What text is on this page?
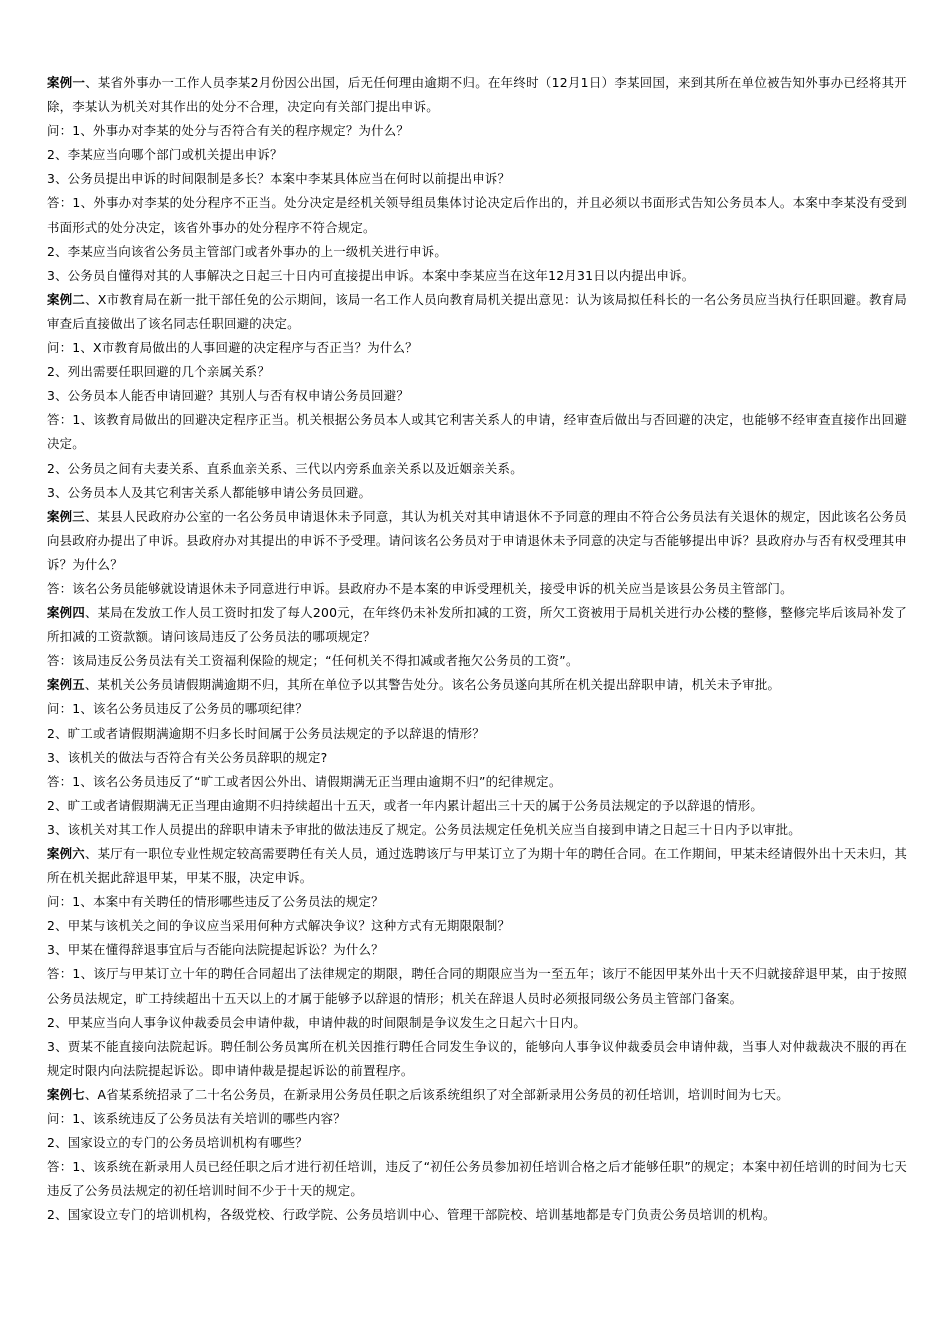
案例一、某省外事办一工作人员李某2月份因公出国，后无任何理由逾期不归。在年终时（12月1日）李某回国，来到其所在单位被告知外事办已经将其开除，李某认为机关对其作出的处分不合理，决定向有关部门提出申诉。

问：1、外事办对李某的处分与否符合有关的程序规定？为什么？

2、李某应当向哪个部门或机关提出申诉？

3、公务员提出申诉的时间限制是多长？本案中李某具体应当在何时以前提出申诉？

答：1、外事办对李某的处分程序不正当。处分决定是经机关领导组员集体讨论决定后作出的，并且必须以书面形式告知公务员本人。本案中李某没有受到书面形式的处分决定，该省外事办的处分程序不符合规定。

2、李某应当向该省公务员主管部门或者外事办的上一级机关进行申诉。

3、公务员自懂得对其的人事解决之日起三十日内可直接提出申诉。本案中李某应当在这年12月31日以内提出申诉。

案例二、X市教育局在新一批干部任免的公示期间，该局一名工作人员向教育局机关提出意见：认为该局拟任科长的一名公务员应当执行任职回避。教育局审查后直接做出了该名同志任职回避的决定。

问：1、X市教育局做出的人事回避的决定程序与否正当？为什么？

2、列出需要任职回避的几个亲属关系？

3、公务员本人能否申请回避？其别人与否有权申请公务员回避？

答：1、该教育局做出的回避决定程序正当。机关根据公务员本人或其它利害关系人的申请，经审查后做出与否回避的决定，也能够不经审查直接作出回避决定。

2、公务员之间有夫妻关系、直系血亲关系、三代以内旁系血亲关系以及近姻亲关系。

3、公务员本人及其它利害关系人都能够申请公务员回避。

案例三、某县人民政府办公室的一名公务员申请退休未予同意，其认为机关对其申请退休不予同意的理由不符合公务员法有关退休的规定，因此该名公务员向县政府办提出了申诉。县政府办对其提出的申诉不予受理。请问该名公务员对于申请退休未予同意的决定与否能够提出申诉？县政府办与否有权受理其申诉？为什么？

答：该名公务员能够就设请退休未予同意进行申诉。县政府办不是本案的申诉受理机关，接受申诉的机关应当是该县公务员主管部门。

案例四、某局在发放工作人员工资时扣发了每人200元，在年终仍未补发所扣减的工资，所欠工资被用于局机关进行办公楼的整修，整修完毕后该局补发了所扣减的工资款额。请问该局违反了公务员法的哪项规定？

答：该局违反公务员法有关工资福利保险的规定；“任何机关不得扣减或者拖欠公务员的工资”。

案例五、某机关公务员请假期满逾期不归，其所在单位予以其警告处分。该名公务员遂向其所在机关提出辞职申请，机关未予审批。

问：1、该名公务员违反了公务员的哪项纪律？

2、旷工或者请假期满逾期不归多长时间属于公务员法规定的予以辞退的情形？

3、该机关的做法与否符合有关公务员辞职的规定?

答：1、该名公务员违反了“旷工或者因公外出、请假期满无正当理由逾期不归”的纪律规定。

2、旷工或者请假期满无正当理由逾期不归持续超出十五天，或者一年内累计超出三十天的属于公务员法规定的予以辞退的情形。

3、该机关对其工作人员提出的辞职申请未予审批的做法违反了规定。公务员法规定任免机关应当自接到申请之日起三十日内予以审批。

案例六、某厅有一职位专业性规定较高需要聘任有关人员，通过选聘该厅与甲某订立了为期十年的聘任合同。在工作期间，甲某未经请假外出十天未归，其所在机关据此辞退甲某，甲某不服，决定申诉。

问：1、本案中有关聘任的情形哪些违反了公务员法的规定？

2、甲某与该机关之间的争议应当采用何种方式解决争议？这种方式有无期限限制？

3、甲某在懂得辞退事宜后与否能向法院提起诉讼？为什么？

答：1、该厅与甲某订立十年的聘任合同超出了法律规定的期限，聘任合同的期限应当为一至五年；该厅不能因甲某外出十天不归就接辞退甲某，由于按照公务员法规定，旷工持续超出十五天以上的才属于能够予以辞退的情形；机关在辞退人员时必须报同级公务员主管部门备案。

2、甲某应当向人事争议仲裁委员会申请仲裁，申请仲裁的时间限制是争议发生之日起六十日内。

3、贾某不能直接向法院起诉。聘任制公务员寓所在机关因推行聘任合同发生争议的，能够向人事争议仲裁委员会申请仲裁，当事人对仲裁裁决不服的再在规定时限内向法院提起诉讼。即申请仲裁是提起诉讼的前置程序。

案例七、A省某系统招录了二十名公务员，在新录用公务员任职之后该系统组织了对全部新录用公务员的初任培训，培训时间为七天。

问：1、该系统违反了公务员法有关培训的哪些内容？

2、国家设立的专门的公务员培训机构有哪些？

答：1、该系统在新录用人员已经任职之后才进行初任培训，违反了“初任公务员参加初任培训合格之后才能够任职”的规定；本案中初任培训的时间为七天违反了公务员法规定的初任培训时间不少于十天的规定。

2、国家设立专门的培训机构，各级党校、行政学院、公务员培训中心、管理干部院校、培训基地都是专门负责公务员培训的机构。
